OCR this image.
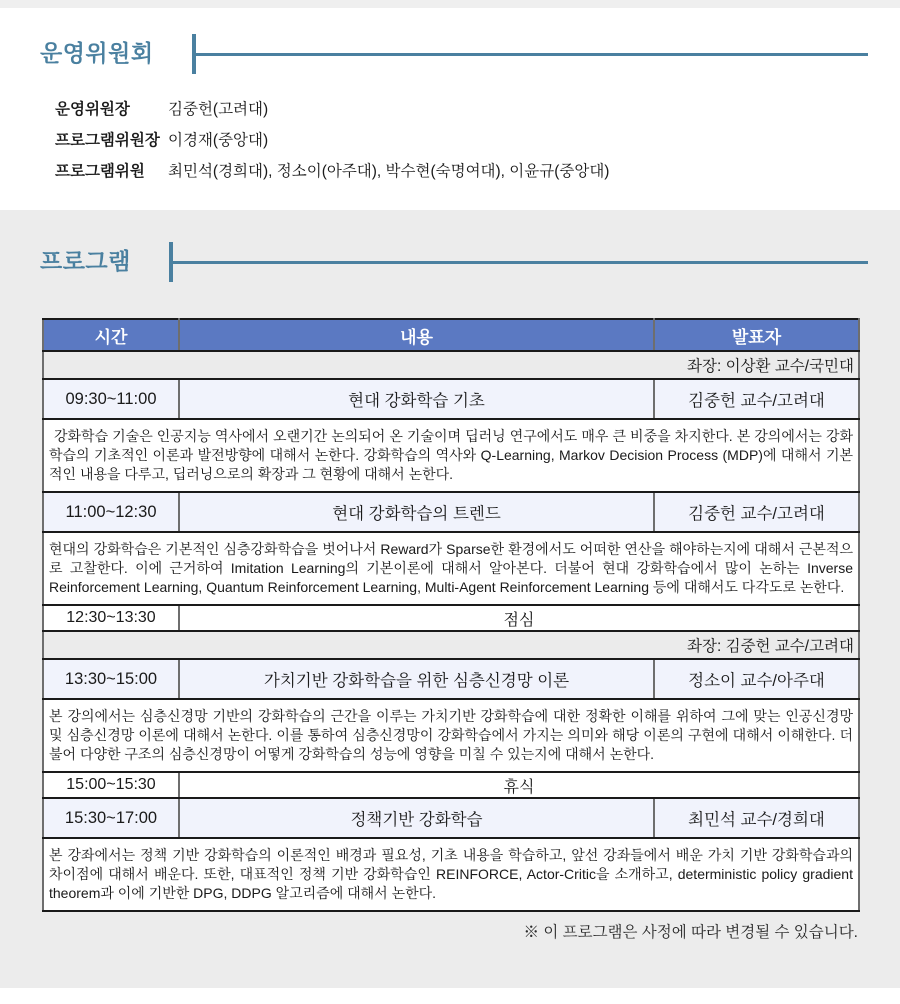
운영위원회
운영위원장	김중헌(고려대)
프로그램위원장 이경재(중앙대)
프로그램위원	최민석(경희대), 정소이(아주대), 박수현(숙명여대), 이윤규(중앙대)
프로그램
시간	내용	발표자
좌장: 이상환 교수/국민대		
09:30~11:00	현대 강화학습 기초	김중헌 교수/고려대
강화학습 기술은 인공지능 역사에서 오랜기간 논의되어 온 기술이며 딥러닝 연구에서도 매우 큰 비중을 차지한다. 본 강의에서는 강화학습의 기초적인 이론과 발전방향에 대해서 논한다. 강화학습의 역사와 Q-Learning, Markov Decision Process (MDP)에 대해서 기본적인 내용을 다루고, 딥러닝으로의 확장과 그 현황에 대해서 논한다.		
11:00~12:30	현대 강화학습의 트렌드	김중헌 교수/고려대
현대의 강화학습은 기본적인 심층강화학습을 벗어나서 Reward가 Sparse한 환경에서도 어떠한 연산을 해야하는지에 대해서 근본적으로 고찰한다. 이에 근거하여 Imitation Learning의 기본이론에 대해서 알아본다. 더불어 현대 강화학습에서 많이 논하는 Inverse Reinforcement Learning, Quantum Reinforcement Learning, Multi-Agent Reinforcement Learning 등에 대해서도 다각도로 논한다.		
12:30~13:30	점심	
좌장: 김중헌 교수/고려대		
13:30~15:00	가치기반 강화학습을 위한 심층신경망 이론	정소이 교수/아주대
본 강의에서는 심층신경망 기반의 강화학습의 근간을 이루는 가치기반 강화학습에 대한 정확한 이해를 위하여 그에 맞는 인공신경망 및 심층신경망 이론에 대해서 논한다. 이를 통하여 심층신경망이 강화학습에서 가지는 의미와 해당 이론의 구현에 대해서 이해한다. 더불어 다양한 구조의 심층신경망이 어떻게 강화학습의 성능에 영향을 미칠 수 있는지에 대해서 논한다.		
15:00~15:30	휴식	
15:30~17:00	정책기반 강화학습	최민석 교수/경희대
본 강좌에서는 정책 기반 강화학습의 이론적인 배경과 필요성, 기초 내용을 학습하고, 앞선 강좌들에서 배운 가치 기반 강화학습과의 차이점에 대해서 배운다. 또한, 대표적인 정책 기반 강화학습인 REINFORCE, Actor-Critic을 소개하고, deterministic policy gradient theorem과 이에 기반한 DPG, DDPG 알고리즘에 대해서 논한다.		
※ 이 프로그램은 사정에 따라 변경될 수 있습니다.
